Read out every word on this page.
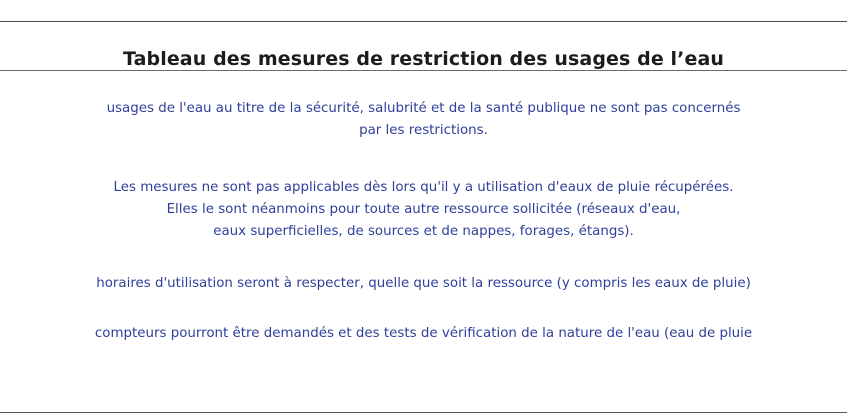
Tableau des mesures de restriction des usages de l’eau
usages de l'eau au titre de la sécurité, salubrité et de la santé publique ne sont pas concernés
par les restrictions.
Les mesures ne sont pas applicables dès lors qu'il y a utilisation d'eaux de pluie récupérées.
Elles le sont néanmoins pour toute autre ressource sollicitée (réseaux d'eau,
eaux superficielles, de sources et de nappes, forages, étangs).
horaires d'utilisation seront à respecter, quelle que soit la ressource (y compris les eaux de pluie)
compteurs pourront être demandés et des tests de vérification de la nature de l'eau (eau de pluie
